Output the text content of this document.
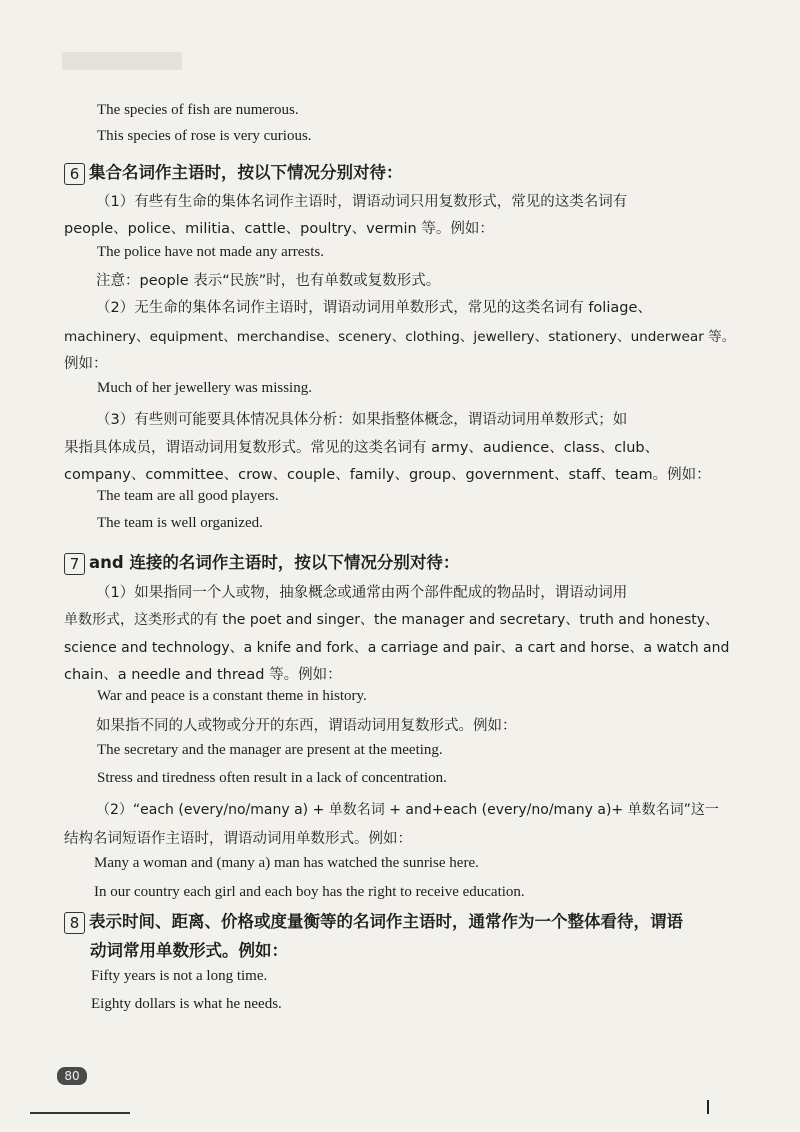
The species of fish are numerous.
This species of rose is very curious.
6 集合名词作主语时，按以下情况分别对待：
（1）有些有生命的集体名词作主语时，谓语动词只用复数形式，常见的这类名词有
people、police、militia、cattle、poultry、vermin 等。例如：
The police have not made any arrests.
注意：people 表示“民族”时，也有单数或复数形式。
（2）无生命的集体名词作主语时，谓语动词用单数形式，常见的这类名词有 foliage、
machinery、equipment、merchandise、scenery、clothing、jewellery、stationery、underwear 等。
例如：
Much of her jewellery was missing.
（3）有些则可能要具体情况具体分析：如果指整体概念，谓语动词用单数形式；如
果指具体成员，谓语动词用复数形式。常见的这类名词有 army、audience、class、club、
company、committee、crow、couple、family、group、government、staff、team。例如：
The team are all good players.
The team is well organized.
7 and 连接的名词作主语时，按以下情况分别对待：
（1）如果指同一个人或物，抽象概念或通常由两个部件配成的物品时，谓语动词用
单数形式，这类形式的有 the poet and singer、the manager and secretary、truth and honesty、
science and technology、a knife and fork、a carriage and pair、a cart and horse、a watch and
chain、a needle and thread 等。例如：
War and peace is a constant theme in history.
如果指不同的人或物或分开的东西，谓语动词用复数形式。例如：
The secretary and the manager are present at the meeting.
Stress and tiredness often result in a lack of concentration.
（2）“each (every/no/many a) + 单数名词 + and+each (every/no/many a)+ 单数名词”这一
结构名词短语作主语时，谓语动词用单数形式。例如：
Many a woman and (many a) man has watched the sunrise here.
In our country each girl and each boy has the right to receive education.
8 表示时间、距离、价格或度量衡等的名词作主语时，通常作为一个整体看待，谓语
动词常用单数形式。例如：
Fifty years is not a long time.
Eighty dollars is what he needs.
80
